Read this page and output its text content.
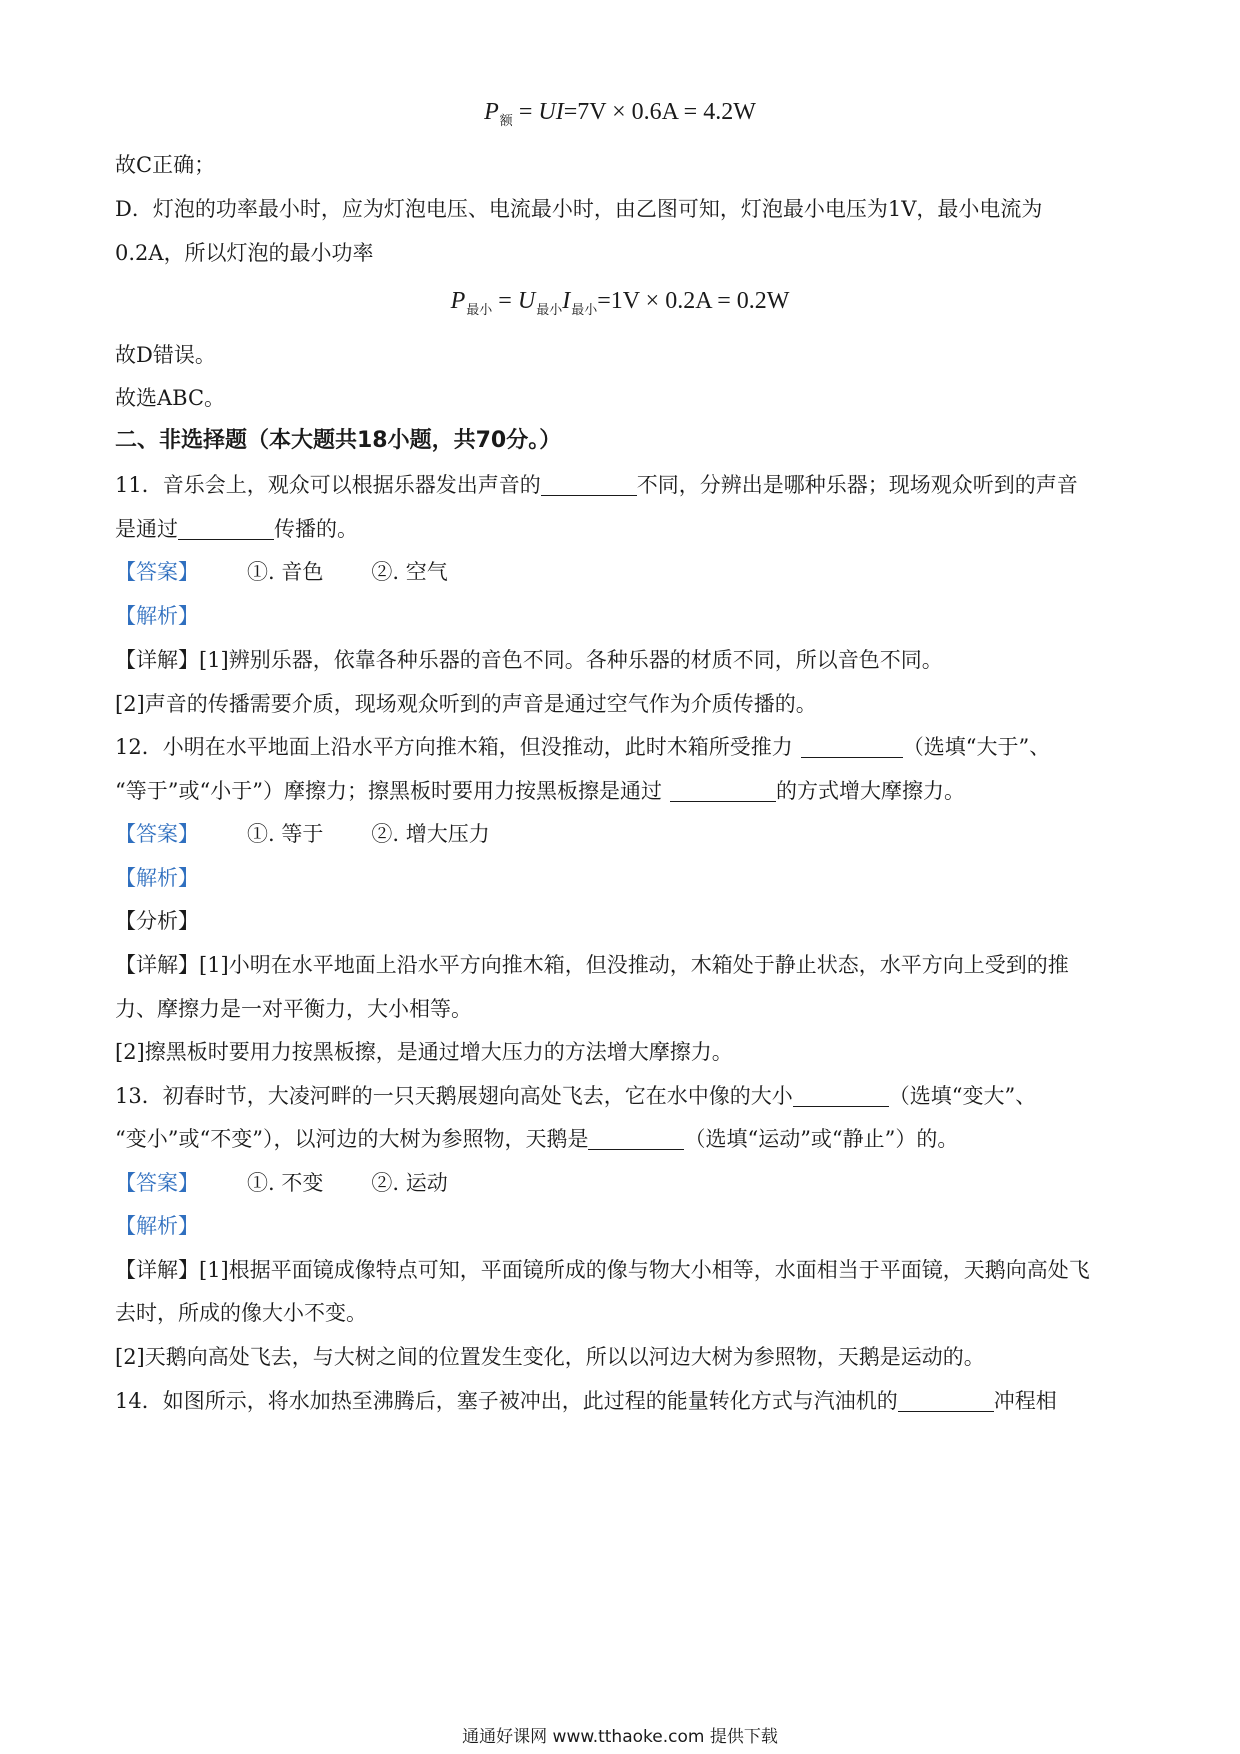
$P_额 = UI=7V \times 0.6A = 4.2W$
故C正确；
D．灯泡的功率最小时，应为灯泡电压、电流最小时，由乙图可知，灯泡最小电压为1V，最小电流为
0.2A，所以灯泡的最小功率
$P_{最小} = U_{最小}I_{最小}=1V \times 0.2A = 0.2W$
故D错误。
故选ABC。
二、非选择题（本大题共18小题，共70分。）
11．音乐会上，观众可以根据乐器发出声音的	不同，分辨出是哪种乐器；现场观众听到的声音
是通过	传播的。
【答案】 ①. 音色 ②. 空气
【解析】
【详解】[1]辨别乐器，依靠各种乐器的音色不同。各种乐器的材质不同，所以音色不同。
[2]声音的传播需要介质，现场观众听到的声音是通过空气作为介质传播的。
12．小明在水平地面上沿水平方向推木箱，但没推动，此时木箱所受推力	（选填“大于”、
“等于”或“小于”）摩擦力；擦黑板时要用力按黑板擦是通过	的方式增大摩擦力。
【答案】 ①. 等于 ②. 增大压力
【解析】
【分析】
【详解】[1]小明在水平地面上沿水平方向推木箱，但没推动，木箱处于静止状态，水平方向上受到的推
力、摩擦力是一对平衡力，大小相等。
[2]擦黑板时要用力按黑板擦，是通过增大压力的方法增大摩擦力。
13．初春时节，大凌河畔的一只天鹅展翅向高处飞去，它在水中像的大小	（选填“变大”、
“变小”或“不变”），以河边的大树为参照物，天鹅是	（选填“运动”或“静止”）的。
【答案】 ①. 不变 ②. 运动
【解析】
【详解】[1]根据平面镜成像特点可知，平面镜所成的像与物大小相等，水面相当于平面镜，天鹅向高处飞
去时，所成的像大小不变。
[2]天鹅向高处飞去，与大树之间的位置发生变化，所以以河边大树为参照物，天鹅是运动的。
14．如图所示，将水加热至沸腾后，塞子被冲出，此过程的能量转化方式与汽油机的	冲程相
通通好课网 www.tthaoke.com 提供下载
